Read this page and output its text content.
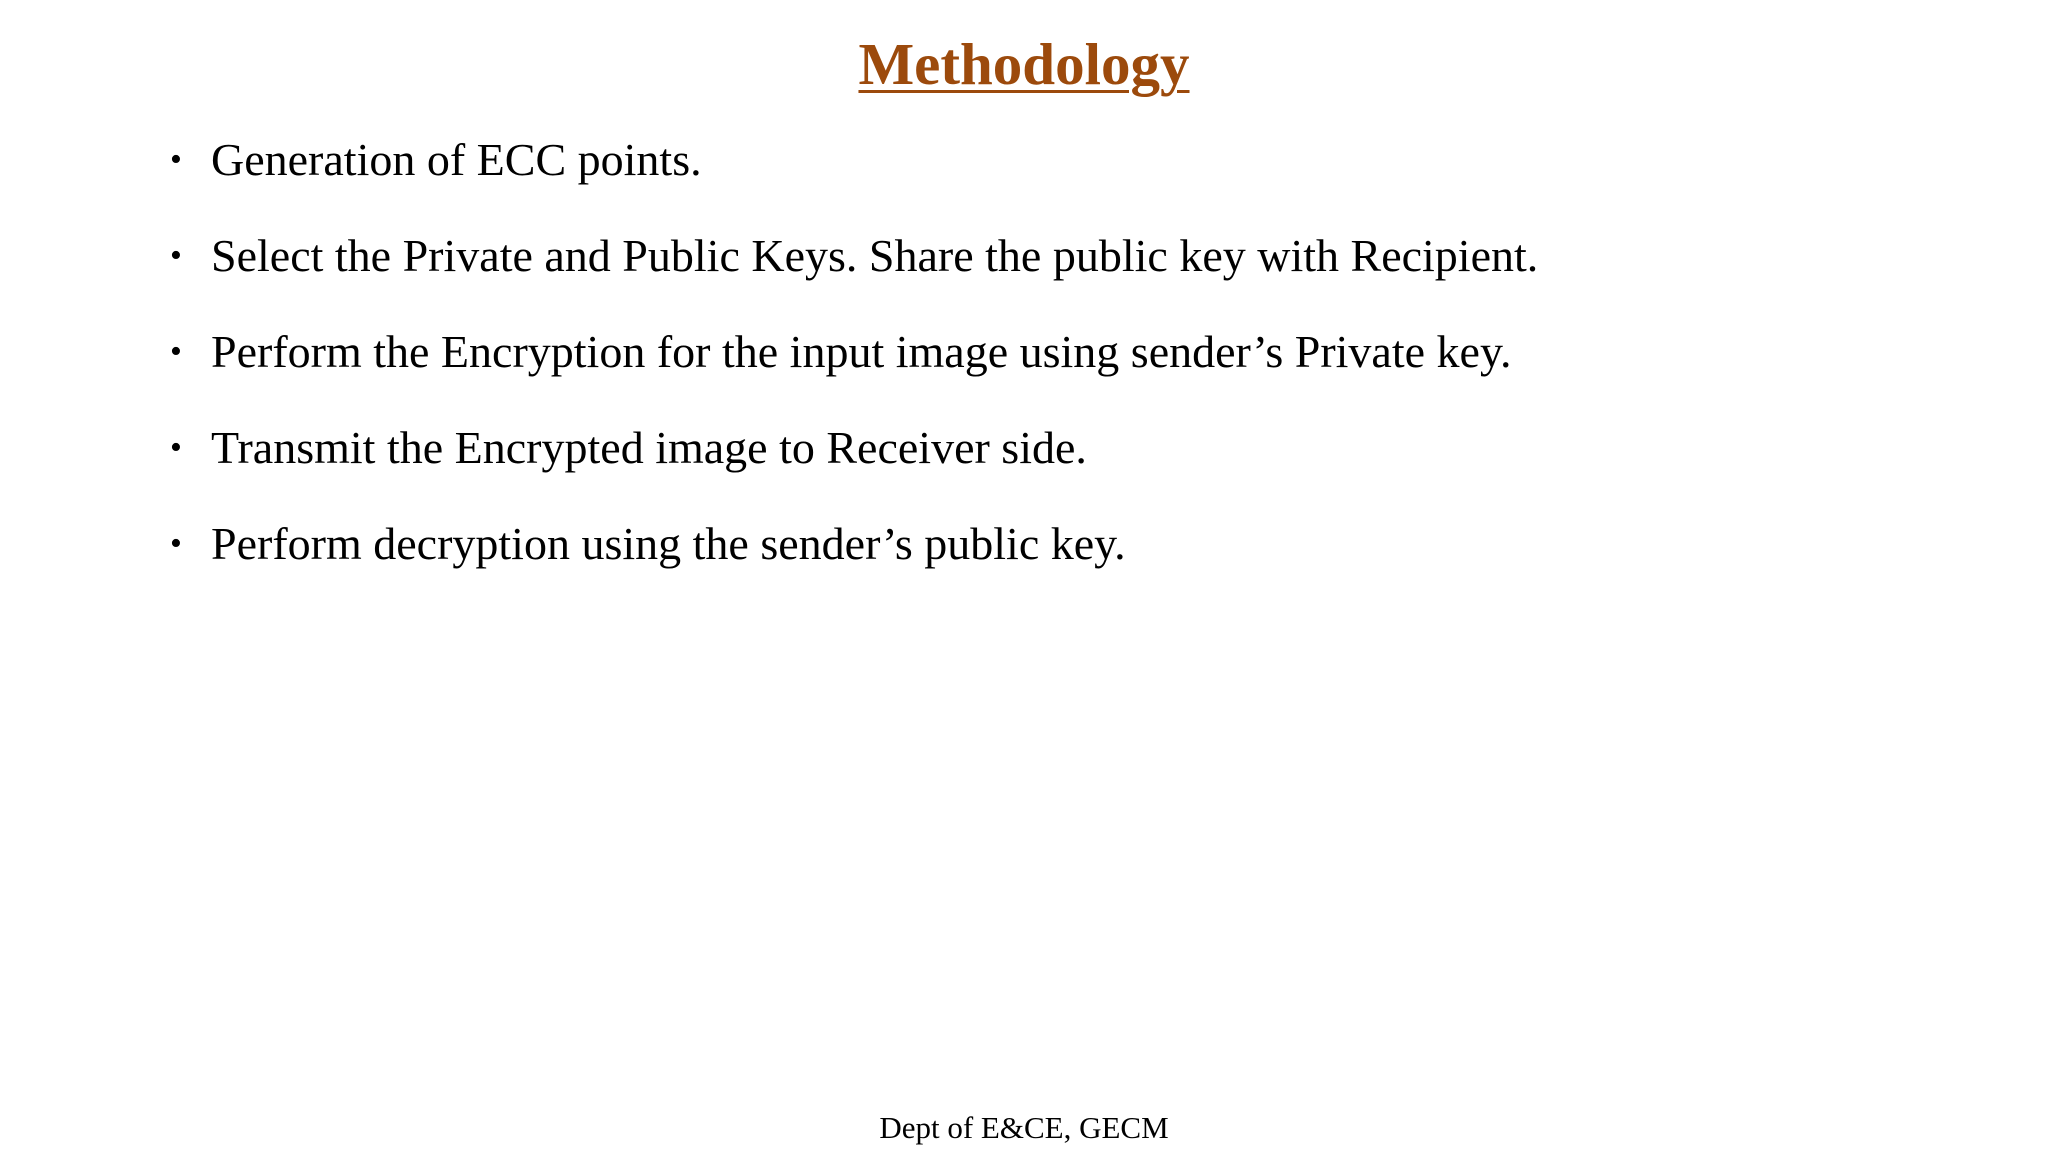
Methodology
• Generation of ECC points.
• Select the Private and Public Keys. Share the public key with Recipient.
• Perform the Encryption for the input image using sender’s Private key.
• Transmit the Encrypted image to Receiver side.
• Perform decryption using the sender’s public key.
Dept of E&CE, GECM
